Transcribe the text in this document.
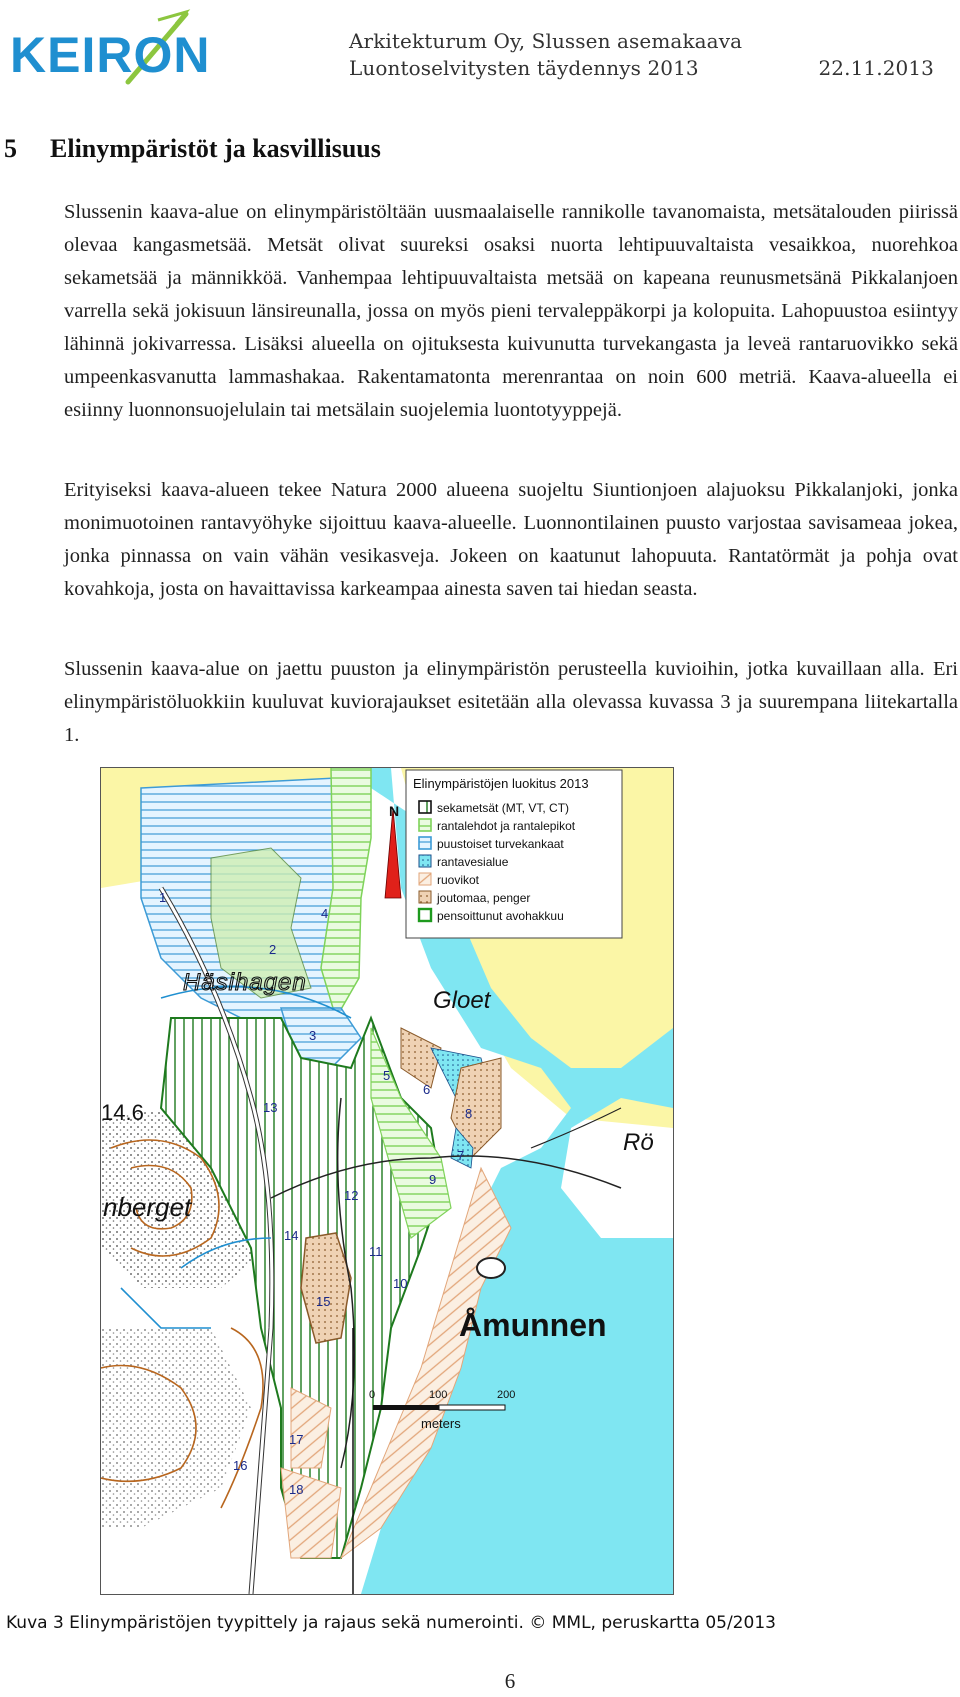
KEIRON	Arkitekturum Oy, Slussen asemakaava
Luontoselvitysten täydennys 2013	22.11.2013
5 Elinympäristöt ja kasvillisuus

Slussenin kaava-alue on elinympäristöltään uusmaalaiselle rannikolle tavanomaista, metsätalouden piirissä olevaa kangasmetsää. Metsät olivat suureksi osaksi nuorta lehtipuuvaltaista vesaikkoa, nuorehkoa sekametsää ja männikköä. Vanhempaa lehtipuuvaltaista metsää on kapeana reunusmetsänä Pikkalanjoen varrella sekä jokisuun länsireunalla, jossa on myös pieni tervaleppäkorpi ja kolopuita. Lahopuustoa esiintyy lähinnä jokivarressa. Lisäksi alueella on ojituksesta kuivunutta turvekangasta ja leveä rantaruovikko sekä umpeenkasvanutta lammashakaa. Rakentamatonta merenrantaa on noin 600 metriä. Kaava-alueella ei esiinny luonnonsuojelulain tai metsälain suojelemia luontotyyppejä.

Erityiseksi kaava-alueen tekee Natura 2000 alueena suojeltu Siuntionjoen alajuoksu Pikkalanjoki, jonka monimuotoinen rantavyöhyke sijoittuu kaava-alueelle. Luonnontilainen puusto varjostaa savisameaa jokea, jonka pinnassa on vain vähän vesikasveja. Jokeen on kaatunut lahopuuta. Rantatörmät ja pohja ovat kovahkoja, josta on havaittavissa karkeampaa ainesta saven tai hiedan seasta.

Slussenin kaava-alue on jaettu puuston ja elinympäristön perusteella kuvioihin, jotka kuvaillaan alla. Eri elinympäristöluokkiin kuuluvat kuviorajaukset esitetään alla olevassa kuvassa 3 ja suurempana liitekartalla 1.

Elinympäristöjen luokitus 2013
sekametsät (MT, VT, CT)
rantalehdot ja rantalepikot
puustoiset turvekankaat
rantavesialue
ruovikot
joutomaa, penger
pensoittunut avohakkuu
N
Häsihagen
Gloet
Åmunnen
nberget
Rö
14.6
1
2
3
4
5
6
7
8
9
10
11
12
13
14
15
16
17
18
0	100	200
meters
Kuva 3 Elinympäristöjen tyypittely ja rajaus sekä numerointi. © MML, peruskartta 05/2013
6
